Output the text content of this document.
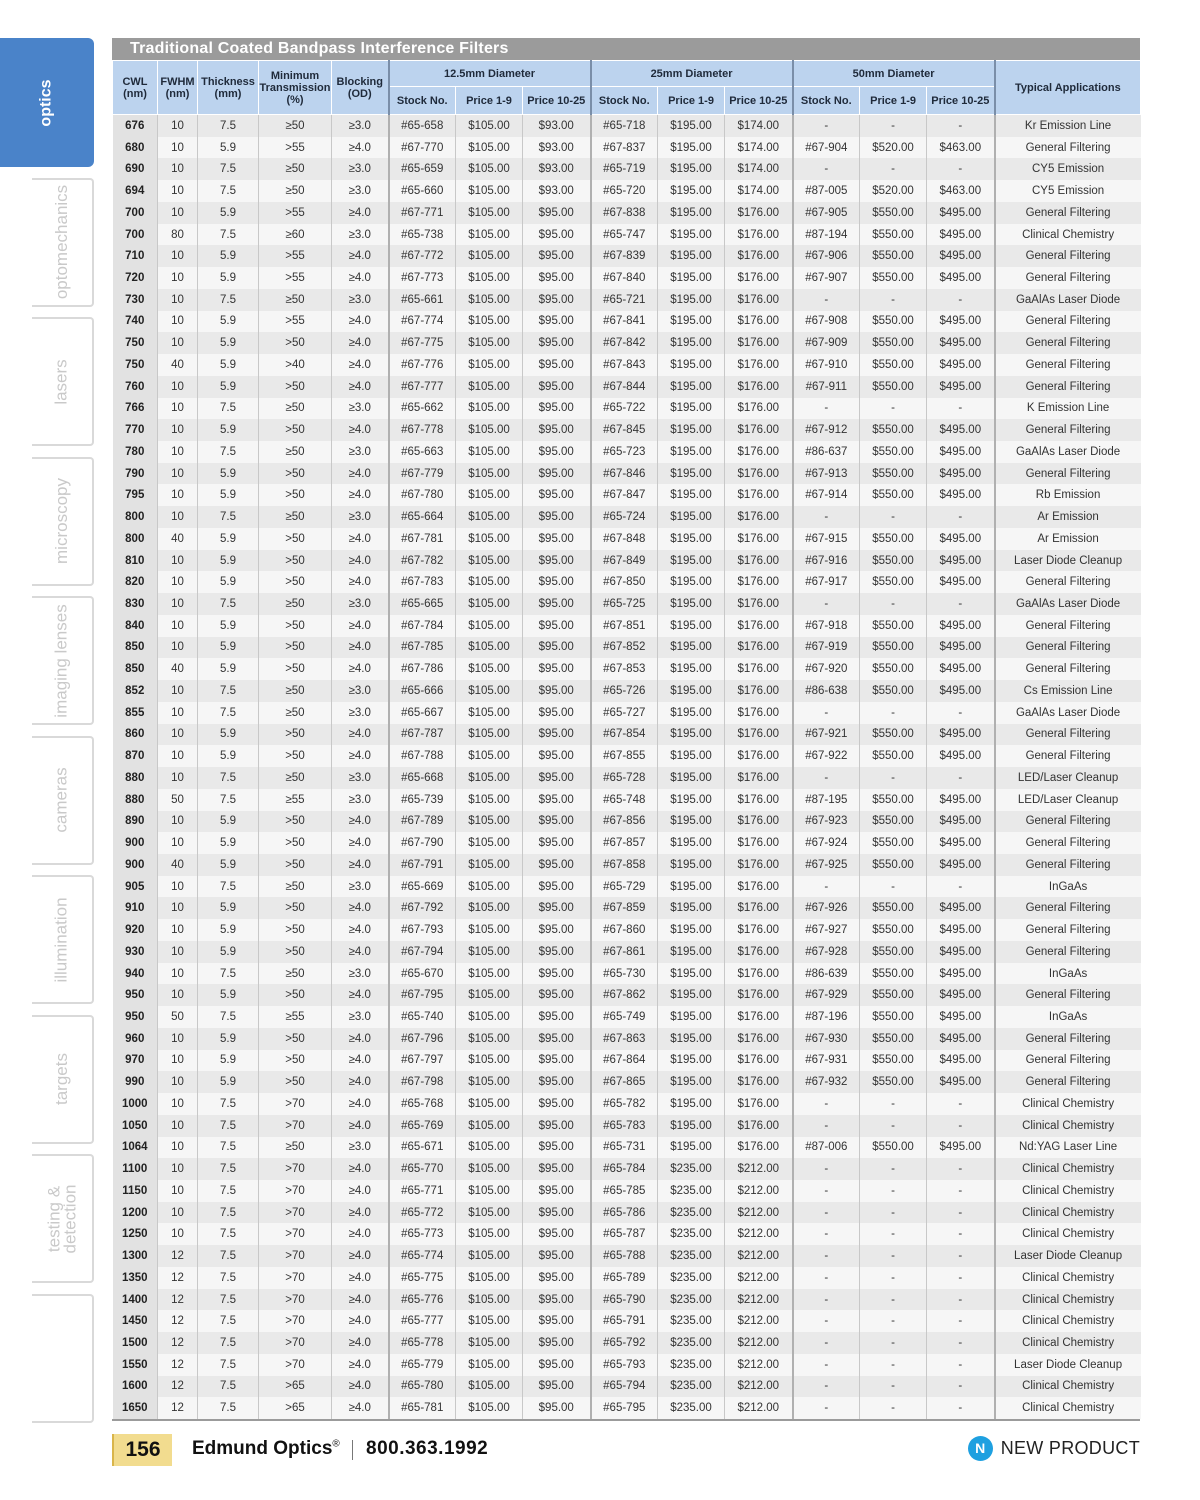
optics
optomechanics
lasers
microscopy
imaging lenses
cameras
illumination
targets
testing &
detection
Traditional Coated Bandpass Interference Filters
CWL (nm)	FWHM (nm)	Thickness (mm)	Minimum Transmission (%)	Blocking (OD)	12.5mm Diameter			25mm Diameter			50mm Diameter			Typical Applications
					Stock No.	Price 1-9	Price 10-25	Stock No.	Price 1-9	Price 10-25	Stock No.	Price 1-9	Price 10-25	
676	10	7.5	≥50	≥3.0	#65-658	$105.00	$93.00	#65-718	$195.00	$174.00	-	-	-	Kr Emission Line
680	10	5.9	>55	≥4.0	#67-770	$105.00	$93.00	#67-837	$195.00	$174.00	#67-904	$520.00	$463.00	General Filtering
690	10	7.5	≥50	≥3.0	#65-659	$105.00	$93.00	#65-719	$195.00	$174.00	-	-	-	CY5 Emission
694	10	7.5	≥50	≥3.0	#65-660	$105.00	$93.00	#65-720	$195.00	$174.00	#87-005	$520.00	$463.00	CY5 Emission
700	10	5.9	>55	≥4.0	#67-771	$105.00	$95.00	#67-838	$195.00	$176.00	#67-905	$550.00	$495.00	General Filtering
700	80	7.5	≥60	≥3.0	#65-738	$105.00	$95.00	#65-747	$195.00	$176.00	#87-194	$550.00	$495.00	Clinical Chemistry
710	10	5.9	>55	≥4.0	#67-772	$105.00	$95.00	#67-839	$195.00	$176.00	#67-906	$550.00	$495.00	General Filtering
720	10	5.9	>55	≥4.0	#67-773	$105.00	$95.00	#67-840	$195.00	$176.00	#67-907	$550.00	$495.00	General Filtering
730	10	7.5	≥50	≥3.0	#65-661	$105.00	$95.00	#65-721	$195.00	$176.00	-	-	-	GaAlAs Laser Diode
740	10	5.9	>55	≥4.0	#67-774	$105.00	$95.00	#67-841	$195.00	$176.00	#67-908	$550.00	$495.00	General Filtering
750	10	5.9	>50	≥4.0	#67-775	$105.00	$95.00	#67-842	$195.00	$176.00	#67-909	$550.00	$495.00	General Filtering
750	40	5.9	>40	≥4.0	#67-776	$105.00	$95.00	#67-843	$195.00	$176.00	#67-910	$550.00	$495.00	General Filtering
760	10	5.9	>50	≥4.0	#67-777	$105.00	$95.00	#67-844	$195.00	$176.00	#67-911	$550.00	$495.00	General Filtering
766	10	7.5	≥50	≥3.0	#65-662	$105.00	$95.00	#65-722	$195.00	$176.00	-	-	-	K Emission Line
770	10	5.9	>50	≥4.0	#67-778	$105.00	$95.00	#67-845	$195.00	$176.00	#67-912	$550.00	$495.00	General Filtering
780	10	7.5	≥50	≥3.0	#65-663	$105.00	$95.00	#65-723	$195.00	$176.00	#86-637	$550.00	$495.00	GaAlAs Laser Diode
790	10	5.9	>50	≥4.0	#67-779	$105.00	$95.00	#67-846	$195.00	$176.00	#67-913	$550.00	$495.00	General Filtering
795	10	5.9	>50	≥4.0	#67-780	$105.00	$95.00	#67-847	$195.00	$176.00	#67-914	$550.00	$495.00	Rb Emission
800	10	7.5	≥50	≥3.0	#65-664	$105.00	$95.00	#65-724	$195.00	$176.00	-	-	-	Ar Emission
800	40	5.9	>50	≥4.0	#67-781	$105.00	$95.00	#67-848	$195.00	$176.00	#67-915	$550.00	$495.00	Ar Emission
810	10	5.9	>50	≥4.0	#67-782	$105.00	$95.00	#67-849	$195.00	$176.00	#67-916	$550.00	$495.00	Laser Diode Cleanup
820	10	5.9	>50	≥4.0	#67-783	$105.00	$95.00	#67-850	$195.00	$176.00	#67-917	$550.00	$495.00	General Filtering
830	10	7.5	≥50	≥3.0	#65-665	$105.00	$95.00	#65-725	$195.00	$176.00	-	-	-	GaAlAs Laser Diode
840	10	5.9	>50	≥4.0	#67-784	$105.00	$95.00	#67-851	$195.00	$176.00	#67-918	$550.00	$495.00	General Filtering
850	10	5.9	>50	≥4.0	#67-785	$105.00	$95.00	#67-852	$195.00	$176.00	#67-919	$550.00	$495.00	General Filtering
850	40	5.9	>50	≥4.0	#67-786	$105.00	$95.00	#67-853	$195.00	$176.00	#67-920	$550.00	$495.00	General Filtering
852	10	7.5	≥50	≥3.0	#65-666	$105.00	$95.00	#65-726	$195.00	$176.00	#86-638	$550.00	$495.00	Cs Emission Line
855	10	7.5	≥50	≥3.0	#65-667	$105.00	$95.00	#65-727	$195.00	$176.00	-	-	-	GaAlAs Laser Diode
860	10	5.9	>50	≥4.0	#67-787	$105.00	$95.00	#67-854	$195.00	$176.00	#67-921	$550.00	$495.00	General Filtering
870	10	5.9	>50	≥4.0	#67-788	$105.00	$95.00	#67-855	$195.00	$176.00	#67-922	$550.00	$495.00	General Filtering
880	10	7.5	≥50	≥3.0	#65-668	$105.00	$95.00	#65-728	$195.00	$176.00	-	-	-	LED/Laser Cleanup
880	50	7.5	≥55	≥3.0	#65-739	$105.00	$95.00	#65-748	$195.00	$176.00	#87-195	$550.00	$495.00	LED/Laser Cleanup
890	10	5.9	>50	≥4.0	#67-789	$105.00	$95.00	#67-856	$195.00	$176.00	#67-923	$550.00	$495.00	General Filtering
900	10	5.9	>50	≥4.0	#67-790	$105.00	$95.00	#67-857	$195.00	$176.00	#67-924	$550.00	$495.00	General Filtering
900	40	5.9	>50	≥4.0	#67-791	$105.00	$95.00	#67-858	$195.00	$176.00	#67-925	$550.00	$495.00	General Filtering
905	10	7.5	≥50	≥3.0	#65-669	$105.00	$95.00	#65-729	$195.00	$176.00	-	-	-	InGaAs
910	10	5.9	>50	≥4.0	#67-792	$105.00	$95.00	#67-859	$195.00	$176.00	#67-926	$550.00	$495.00	General Filtering
920	10	5.9	>50	≥4.0	#67-793	$105.00	$95.00	#67-860	$195.00	$176.00	#67-927	$550.00	$495.00	General Filtering
930	10	5.9	>50	≥4.0	#67-794	$105.00	$95.00	#67-861	$195.00	$176.00	#67-928	$550.00	$495.00	General Filtering
940	10	7.5	≥50	≥3.0	#65-670	$105.00	$95.00	#65-730	$195.00	$176.00	#86-639	$550.00	$495.00	InGaAs
950	10	5.9	>50	≥4.0	#67-795	$105.00	$95.00	#67-862	$195.00	$176.00	#67-929	$550.00	$495.00	General Filtering
950	50	7.5	≥55	≥3.0	#65-740	$105.00	$95.00	#65-749	$195.00	$176.00	#87-196	$550.00	$495.00	InGaAs
960	10	5.9	>50	≥4.0	#67-796	$105.00	$95.00	#67-863	$195.00	$176.00	#67-930	$550.00	$495.00	General Filtering
970	10	5.9	>50	≥4.0	#67-797	$105.00	$95.00	#67-864	$195.00	$176.00	#67-931	$550.00	$495.00	General Filtering
990	10	5.9	>50	≥4.0	#67-798	$105.00	$95.00	#67-865	$195.00	$176.00	#67-932	$550.00	$495.00	General Filtering
1000	10	7.5	>70	≥4.0	#65-768	$105.00	$95.00	#65-782	$195.00	$176.00	-	-	-	Clinical Chemistry
1050	10	7.5	>70	≥4.0	#65-769	$105.00	$95.00	#65-783	$195.00	$176.00	-	-	-	Clinical Chemistry
1064	10	7.5	≥50	≥3.0	#65-671	$105.00	$95.00	#65-731	$195.00	$176.00	#87-006	$550.00	$495.00	Nd:YAG Laser Line
1100	10	7.5	>70	≥4.0	#65-770	$105.00	$95.00	#65-784	$235.00	$212.00	-	-	-	Clinical Chemistry
1150	10	7.5	>70	≥4.0	#65-771	$105.00	$95.00	#65-785	$235.00	$212.00	-	-	-	Clinical Chemistry
1200	10	7.5	>70	≥4.0	#65-772	$105.00	$95.00	#65-786	$235.00	$212.00	-	-	-	Clinical Chemistry
1250	10	7.5	>70	≥4.0	#65-773	$105.00	$95.00	#65-787	$235.00	$212.00	-	-	-	Clinical Chemistry
1300	12	7.5	>70	≥4.0	#65-774	$105.00	$95.00	#65-788	$235.00	$212.00	-	-	-	Laser Diode Cleanup
1350	12	7.5	>70	≥4.0	#65-775	$105.00	$95.00	#65-789	$235.00	$212.00	-	-	-	Clinical Chemistry
1400	12	7.5	>70	≥4.0	#65-776	$105.00	$95.00	#65-790	$235.00	$212.00	-	-	-	Clinical Chemistry
1450	12	7.5	>70	≥4.0	#65-777	$105.00	$95.00	#65-791	$235.00	$212.00	-	-	-	Clinical Chemistry
1500	12	7.5	>70	≥4.0	#65-778	$105.00	$95.00	#65-792	$235.00	$212.00	-	-	-	Clinical Chemistry
1550	12	7.5	>70	≥4.0	#65-779	$105.00	$95.00	#65-793	$235.00	$212.00	-	-	-	Laser Diode Cleanup
1600	12	7.5	>65	≥4.0	#65-780	$105.00	$95.00	#65-794	$235.00	$212.00	-	-	-	Clinical Chemistry
1650	12	7.5	>65	≥4.0	#65-781	$105.00	$95.00	#65-795	$235.00	$212.00	-	-	-	Clinical Chemistry
156	Edmund Optics® 800.363.1992	N NEW PRODUCT
